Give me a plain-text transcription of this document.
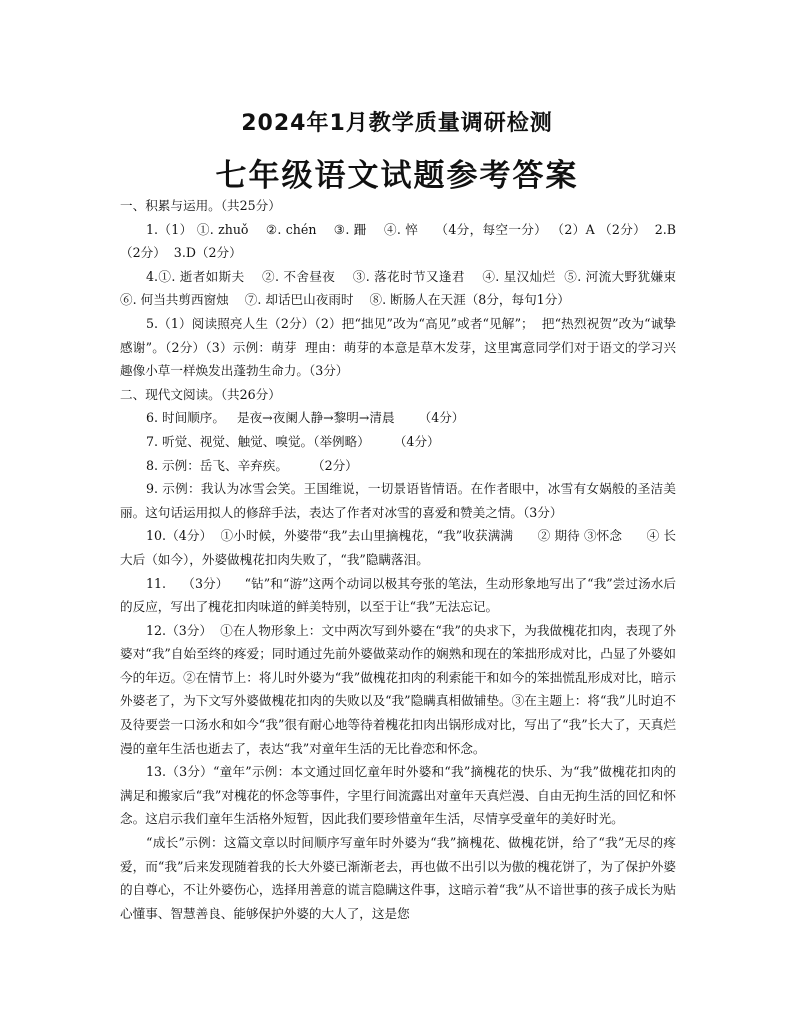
2024年1月教学质量调研检测
七年级语文试题参考答案

一、积累与运用。（共25分）

1.（1） ①. zhuǒ    ②. chén    ③. 跚    ④. 悴    （4分，每空一分） （2）A （2分）  2.B（2分）  3.D（2分）

4.①. 逝者如斯夫    ②. 不舍昼夜    ③. 落花时节又逢君    ④. 星汉灿烂  ⑤. 河流大野犹嫌束    ⑥. 何当共剪西窗烛    ⑦. 却话巴山夜雨时    ⑧. 断肠人在天涯（8分，每句1分）

5.（1）阅读照亮人生（2分）（2）把“拙见”改为“高见”或者“见解”；  把“热烈祝贺”改为“诚挚感谢”。（2分）（3）示例：萌芽  理由：萌芽的本意是草木发芽，这里寓意同学们对于语文的学习兴趣像小草一样焕发出蓬勃生命力。（3分）

二、现代文阅读。（共26分）

6. 时间顺序。   是夜→夜阑人静→黎明→清晨      （4分）

7. 听觉、视觉、触觉、嗅觉。（举例略）      （4分）

8. 示例：岳飞、辛弃疾。      （2分）

9. 示例：我认为冰雪会笑。王国维说，一切景语皆情语。在作者眼中，冰雪有女娲般的圣洁美丽。这句话运用拟人的修辞手法，表达了作者对冰雪的喜爱和赞美之情。（3分）

10.（4分）  ①小时候，外婆带“我”去山里摘槐花，“我”收获满满      ② 期待 ③怀念      ④ 长大后（如今），外婆做槐花扣肉失败了，“我”隐瞒落泪。

11.    （3分）    “钻”和“游”这两个动词以极其夸张的笔法，生动形象地写出了“我”尝过汤水后的反应，写出了槐花扣肉味道的鲜美特别，以至于让“我”无法忘记。

12.（3分）  ①在人物形象上：文中两次写到外婆在“我”的央求下，为我做槐花扣肉，表现了外婆对“我”自始至终的疼爱；同时通过先前外婆做菜动作的娴熟和现在的笨拙形成对比，凸显了外婆如今的年迈。②在情节上：将儿时外婆为“我”做槐花扣肉的利索能干和如今的笨拙慌乱形成对比，暗示外婆老了，为下文写外婆做槐花扣肉的失败以及“我”隐瞒真相做铺垫。③在主题上：将“我”儿时迫不及待要尝一口汤水和如今“我”很有耐心地等待着槐花扣肉出锅形成对比，写出了“我”长大了，天真烂漫的童年生活也逝去了，表达“我”对童年生活的无比眷恋和怀念。

13.（3分）“童年”示例：本文通过回忆童年时外婆和“我”摘槐花的快乐、为“我”做槐花扣肉的满足和搬家后“我”对槐花的怀念等事件，字里行间流露出对童年天真烂漫、自由无拘生活的回忆和怀念。这启示我们童年生活格外短暂，因此我们要珍惜童年生活，尽情享受童年的美好时光。

“成长”示例：这篇文章以时间顺序写童年时外婆为“我”摘槐花、做槐花饼，给了“我”无尽的疼爱，而“我”后来发现随着我的长大外婆已渐渐老去，再也做不出引以为傲的槐花饼了，为了保护外婆的自尊心，不让外婆伤心，选择用善意的谎言隐瞒这件事，这暗示着“我”从不谙世事的孩子成长为贴心懂事、智慧善良、能够保护外婆的大人了，这是您
